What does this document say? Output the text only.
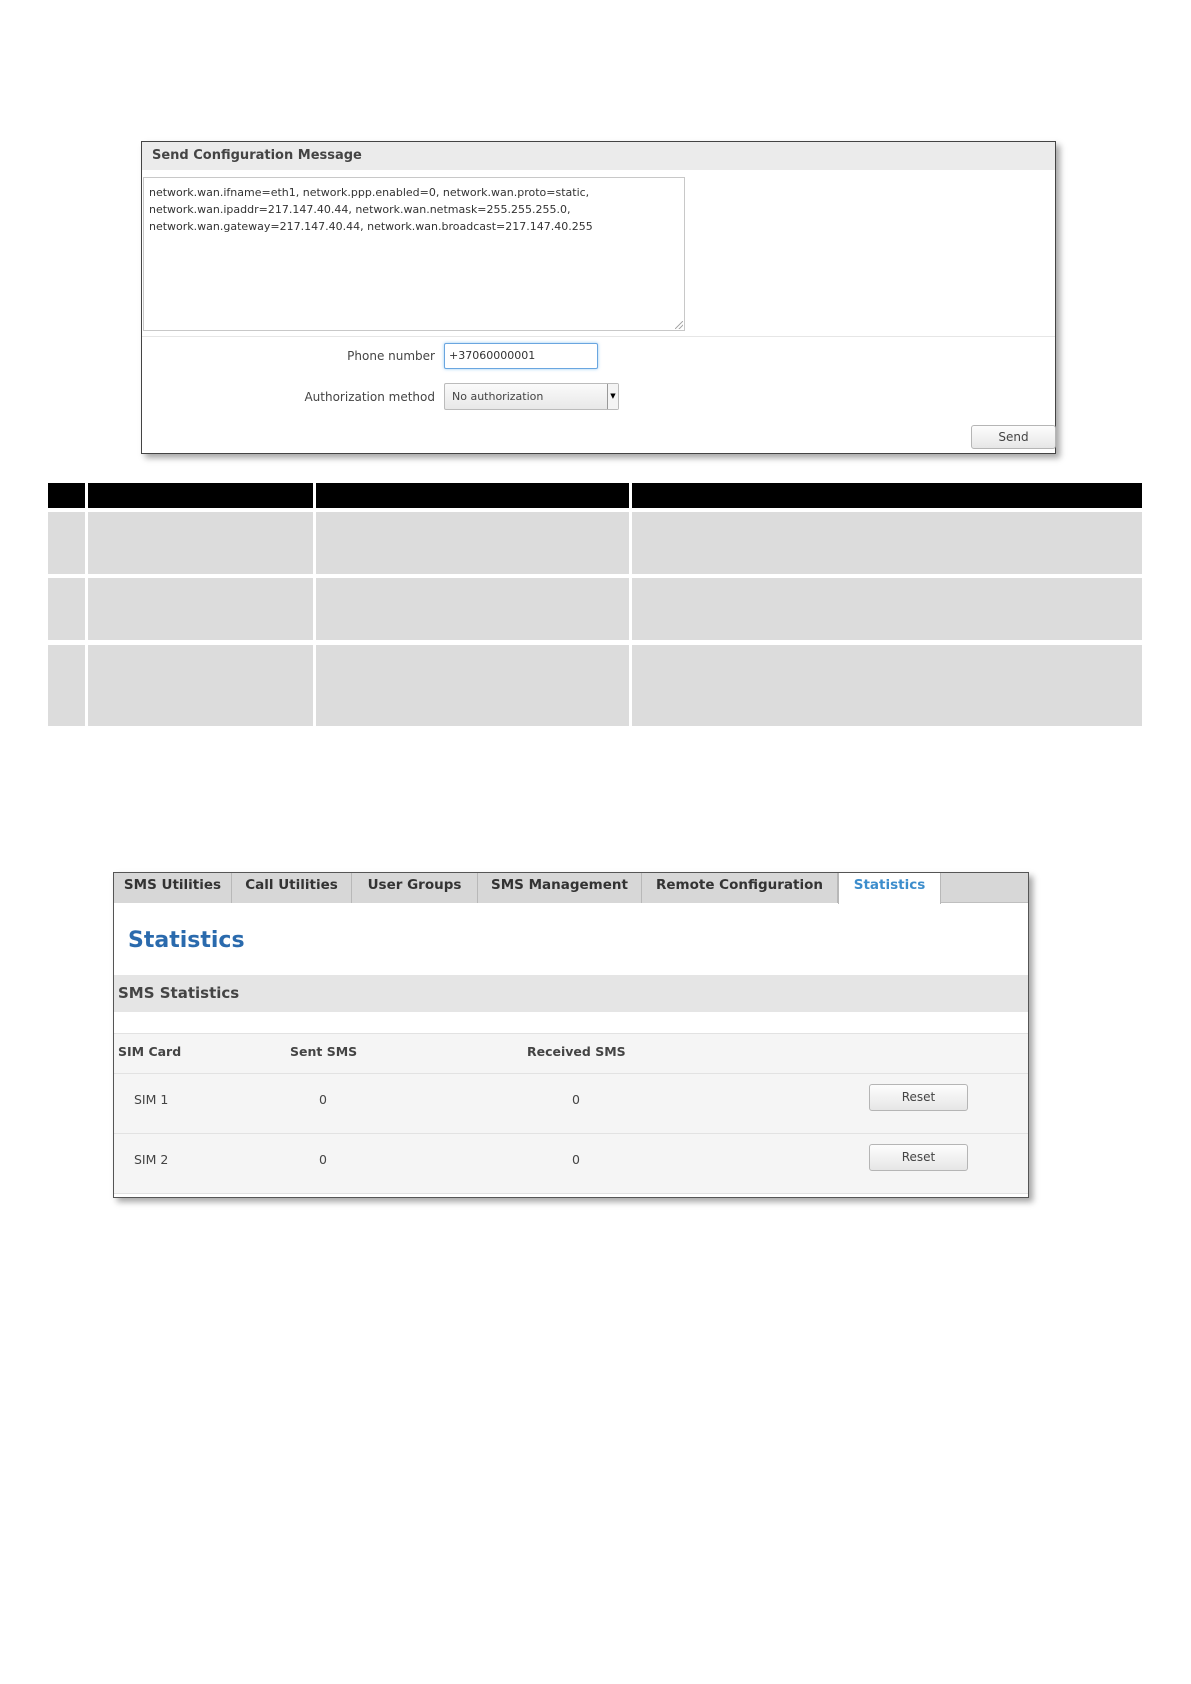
Send Configuration Message
network.wan.ifname=eth1, network.ppp.enabled=0, network.wan.proto=static,
network.wan.ipaddr=217.147.40.44, network.wan.netmask=255.255.255.0,
network.wan.gateway=217.147.40.44, network.wan.broadcast=217.147.40.255
Phone number	+37060000001
Authorization method	No authorization	▼
Send
SMS Utilities	Call Utilities	User Groups	SMS Management	Remote Configuration	Statistics
Statistics
SMS Statistics
SIM Card	Sent SMS	Received SMS
SIM 1	0	0	Reset
SIM 2	0	0	Reset
